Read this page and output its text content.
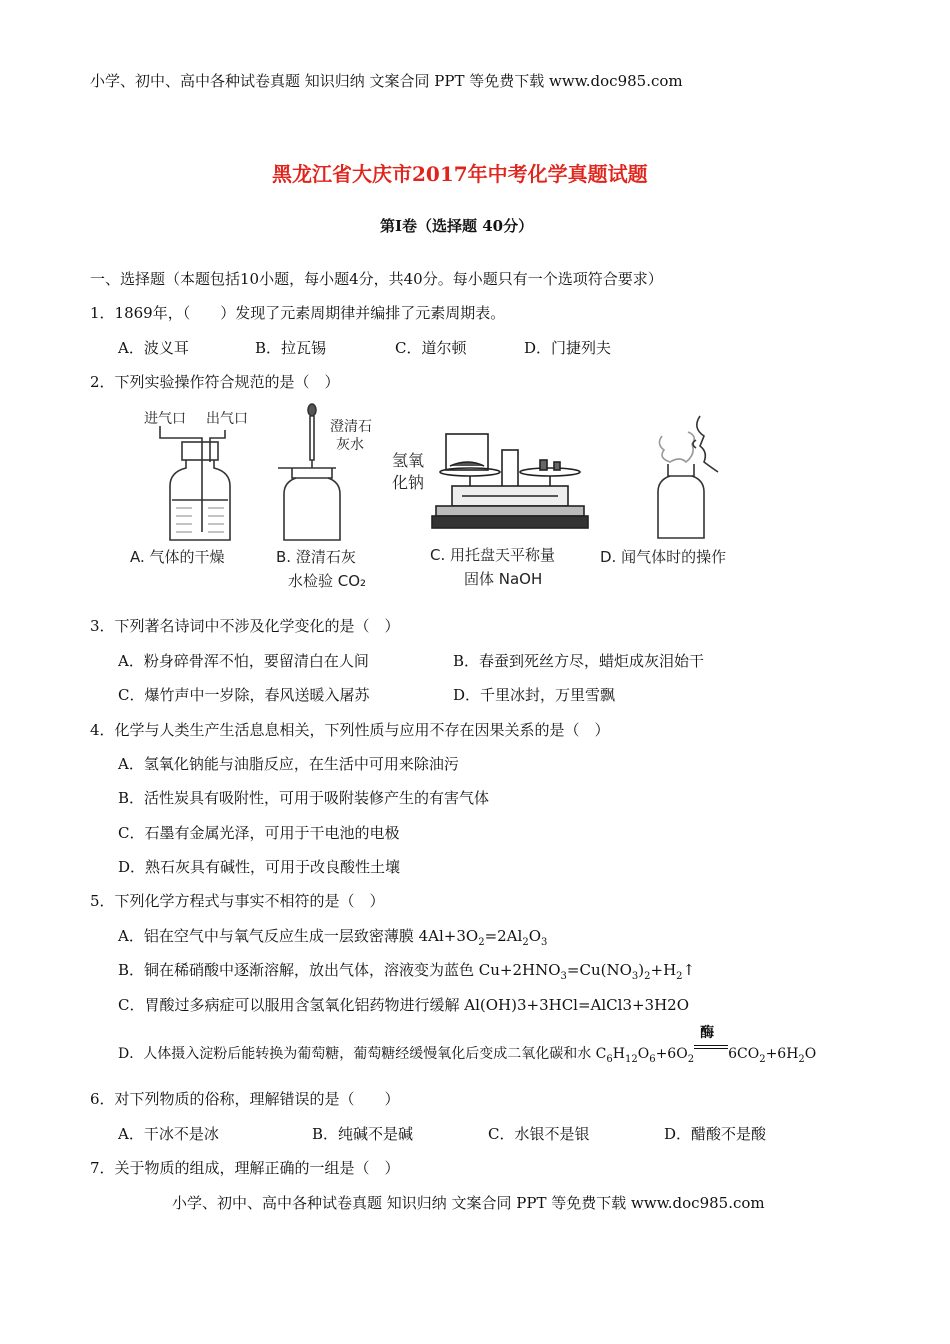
小学、初中、高中各种试卷真题 知识归纳 文案合同 PPT 等免费下载 www.doc985.com
黑龙江省大庆市2017年中考化学真题试题
第Ⅰ卷（选择题 40分）
一、选择题（本题包括10小题，每小题4分，共40分。每小题只有一个选项符合要求）
1．1869年，（　　）发现了元素周期律并编排了元素周期表。
A．波义耳	B．拉瓦锡	C．道尔顿	D．门捷列夫
2．下列实验操作符合规范的是（　）
进气口 出气口
A. 气体的干燥
澄清石
灰水
B. 澄清石灰
水检验 CO₂
氢氧
化钠
C. 用托盘天平称量
固体 NaOH
D. 闻气体时的操作
3．下列著名诗词中不涉及化学变化的是（　）
A．粉身碎骨浑不怕，要留清白在人间	B．春蚕到死丝方尽，蜡炬成灰泪始干
C．爆竹声中一岁除，春风送暖入屠苏	D．千里冰封，万里雪飘
4．化学与人类生产生活息息相关，下列性质与应用不存在因果关系的是（　）
A．氢氧化钠能与油脂反应，在生活中可用来除油污
B．活性炭具有吸附性，可用于吸附装修产生的有害气体
C．石墨有金属光泽，可用于干电池的电极
D．熟石灰具有碱性，可用于改良酸性土壤
5．下列化学方程式与事实不相符的是（　）
A．铝在空气中与氧气反应生成一层致密薄膜 $4Al+3O_2=2Al_2O_3$
B．铜在稀硝酸中逐渐溶解，放出气体，溶液变为蓝色 $Cu+2HNO_3=Cu(NO_3)_2+H_2↑$
C．胃酸过多病症可以服用含氢氧化铝药物进行缓解 Al(OH)3+3HCl=AlCl3+3H2O
D．人体摄入淀粉后能转换为葡萄糖，葡萄糖经缓慢氧化后变成二氧化碳和水 $C_6H_{12}O_6+6O_2$
酶
$6CO_2+6H_2O$
6．对下列物质的俗称，理解错误的是（　　）
A．干冰不是冰	B．纯碱不是碱	C．水银不是银	D．醋酸不是酸
7．关于物质的组成，理解正确的一组是（　）
小学、初中、高中各种试卷真题 知识归纳 文案合同 PPT 等免费下载 www.doc985.com
